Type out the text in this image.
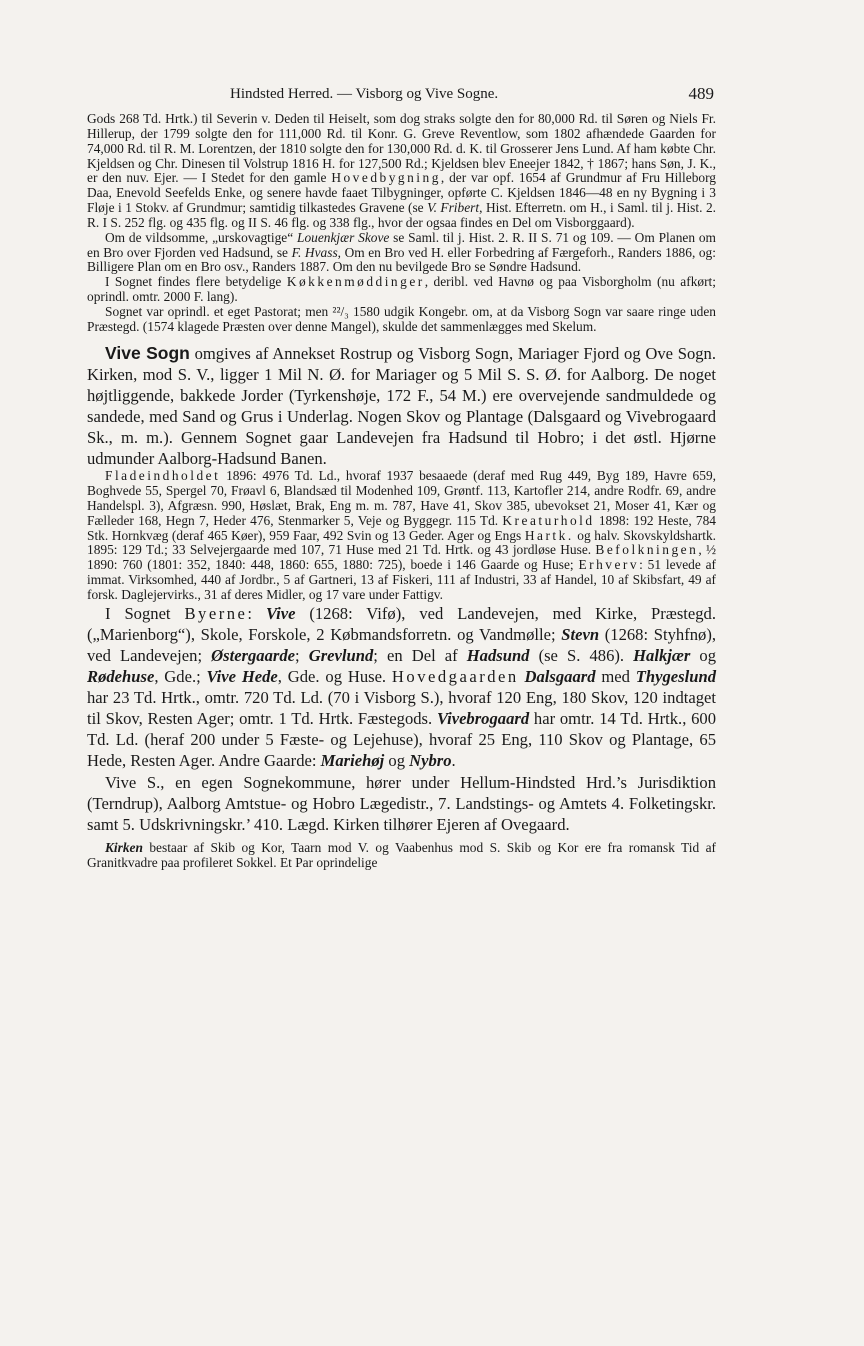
Hindsted Herred. — Visborg og Vive Sogne.	489

Gods 268 Td. Hrtk.) til Severin v. Deden til Heiselt, som dog straks solgte den for 80,000 Rd. til Søren og Niels Fr. Hillerup, der 1799 solgte den for 111,000 Rd. til Konr. G. Greve Reventlow, som 1802 afhændede Gaarden for 74,000 Rd. til R. M. Lorentzen, der 1810 solgte den for 130,000 Rd. d. K. til Grosserer Jens Lund. Af ham købte Chr. Kjeldsen og Chr. Dinesen til Volstrup 1816 H. for 127,500 Rd.; Kjeldsen blev Eneejer 1842, † 1867; hans Søn, J. K., er den nuv. Ejer. — I Stedet for den gamle Hovedbygning, der var opf. 1654 af Grundmur af Fru Hilleborg Daa, Enevold Seefelds Enke, og senere havde faaet Tilbygninger, opførte C. Kjeldsen 1846—48 en ny Bygning i 3 Fløje i 1 Stokv. af Grundmur; samtidig tilkastedes Gravene (se V. Fribert, Hist. Efterretn. om H., i Saml. til j. Hist. 2. R. I S. 252 flg. og 435 flg. og II S. 46 flg. og 338 flg., hvor der ogsaa findes en Del om Visborggaard).

Om de vildsomme, „urskovagtige“ Louenkjær Skove se Saml. til j. Hist. 2. R. II S. 71 og 109. — Om Planen om en Bro over Fjorden ved Hadsund, se F. Hvass, Om en Bro ved H. eller Forbedring af Færgeforh., Randers 1886, og: Billigere Plan om en Bro osv., Randers 1887. Om den nu bevilgede Bro se Søndre Hadsund.

I Sognet findes flere betydelige Køkkenmøddinger, deribl. ved Havnø og paa Visborgholm (nu afkørt; oprindl. omtr. 2000 F. lang).

Sognet var oprindl. et eget Pastorat; men ²²/₃ 1580 udgik Kongebr. om, at da Visborg Sogn var saare ringe uden Præstegd. (1574 klagede Præsten over denne Mangel), skulde det sammenlægges med Skelum.

Vive Sogn omgives af Annekset Rostrup og Visborg Sogn, Mariager Fjord og Ove Sogn. Kirken, mod S. V., ligger 1 Mil N. Ø. for Mariager og 5 Mil S. S. Ø. for Aalborg. De noget højtliggende, bakkede Jorder (Tyrkenshøje, 172 F., 54 M.) ere overvejende sandmuldede og sandede, med Sand og Grus i Underlag. Nogen Skov og Plantage (Dalsgaard og Vivebrogaard Sk., m. m.). Gennem Sognet gaar Landevejen fra Hadsund til Hobro; i det østl. Hjørne udmunder Aalborg-Hadsund Banen.

Fladeindholdet 1896: 4976 Td. Ld., hvoraf 1937 besaaede (deraf med Rug 449, Byg 189, Havre 659, Boghvede 55, Spergel 70, Frøavl 6, Blandsæd til Modenhed 109, Grøntf. 113, Kartofler 214, andre Rodfr. 69, andre Handelspl. 3), Afgræsn. 990, Høslæt, Brak, Eng m. m. 787, Have 41, Skov 385, ubevokset 21, Moser 41, Kær og Fælleder 168, Hegn 7, Heder 476, Stenmarker 5, Veje og Byggegr. 115 Td. Kreaturhold 1898: 192 Heste, 784 Stk. Hornkvæg (deraf 465 Køer), 959 Faar, 492 Svin og 13 Geder. Ager og Engs Hartk. og halv. Skovskyldshartk. 1895: 129 Td.; 33 Selvejergaarde med 107, 71 Huse med 21 Td. Hrtk. og 43 jordløse Huse. Befolkningen, ½ 1890: 760 (1801: 352, 1840: 448, 1860: 655, 1880: 725), boede i 146 Gaarde og Huse; Erhverv: 51 levede af immat. Virksomhed, 440 af Jordbr., 5 af Gartneri, 13 af Fiskeri, 111 af Industri, 33 af Handel, 10 af Skibsfart, 49 af forsk. Daglejervirks., 31 af deres Midler, og 17 vare under Fattigv.

I Sognet Byerne: Vive (1268: Vifø), ved Landevejen, med Kirke, Præstegd. („Marienborg“), Skole, Forskole, 2 Købmandsforretn. og Vandmølle; Stevn (1268: Styhfnø), ved Landevejen; Østergaarde; Grevlund; en Del af Hadsund (se S. 486). Halkjær og Rødehuse, Gde.; Vive Hede, Gde. og Huse. Hovedgaarden Dalsgaard med Thygeslund har 23 Td. Hrtk., omtr. 720 Td. Ld. (70 i Visborg S.), hvoraf 120 Eng, 180 Skov, 120 indtaget til Skov, Resten Ager; omtr. 1 Td. Hrtk. Fæstegods. Vivebrogaard har omtr. 14 Td. Hrtk., 600 Td. Ld. (heraf 200 under 5 Fæste- og Lejehuse), hvoraf 25 Eng, 110 Skov og Plantage, 65 Hede, Resten Ager. Andre Gaarde: Mariehøj og Nybro.

Vive S., en egen Sognekommune, hører under Hellum-Hindsted Hrd.’s Jurisdiktion (Terndrup), Aalborg Amtstue- og Hobro Lægedistr., 7. Landstings- og Amtets 4. Folketingskr. samt 5. Udskrivningskr.’ 410. Lægd. Kirken tilhører Ejeren af Ovegaard.

Kirken bestaar af Skib og Kor, Taarn mod V. og Vaabenhus mod S. Skib og Kor ere fra romansk Tid af Granitkvadre paa profileret Sokkel. Et Par oprindelige
